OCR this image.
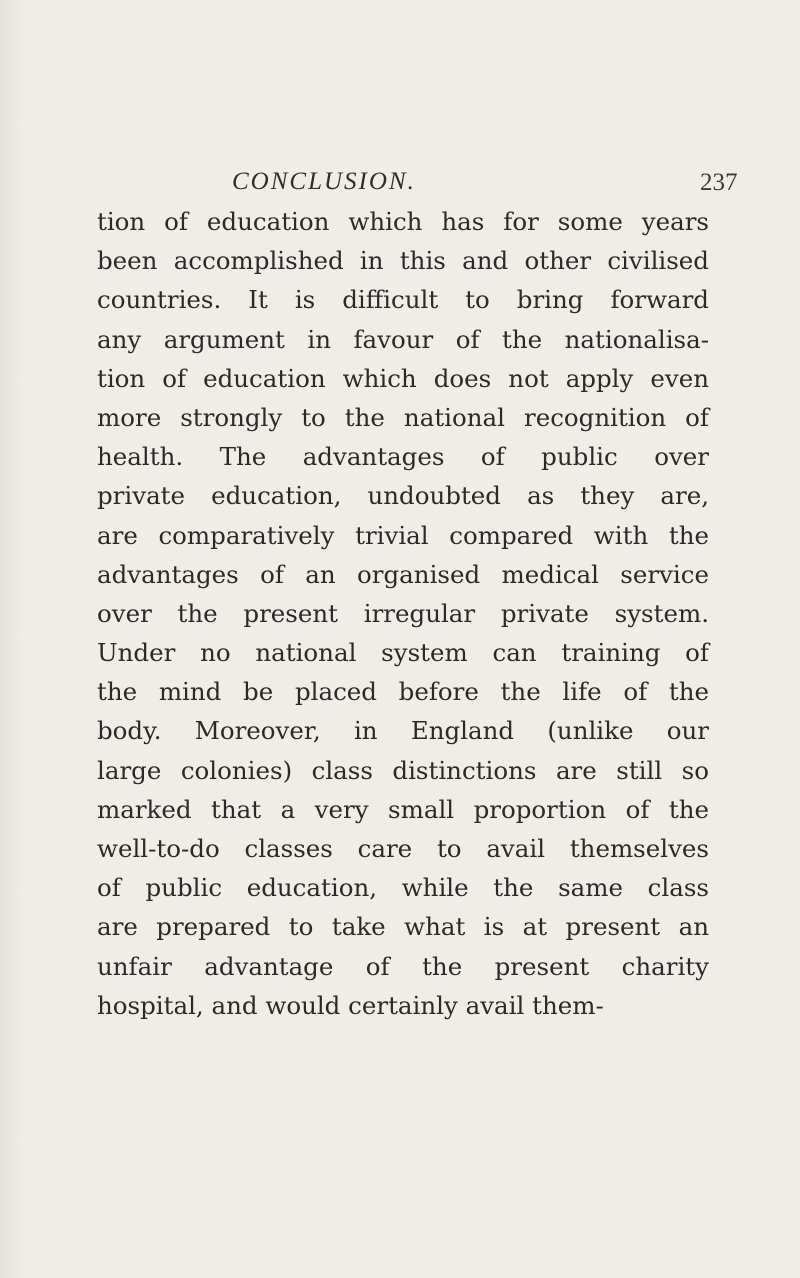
CONCLUSION.	237
tion of education which has for some years
been accomplished in this and other civilised
countries. It is difficult to bring forward
any argument in favour of the nationalisa-
tion of education which does not apply even
more strongly to the national recognition of
health. The advantages of public over
private education, undoubted as they are,
are comparatively trivial compared with the
advantages of an organised medical service
over the present irregular private system.
Under no national system can training of
the mind be placed before the life of the
body. Moreover, in England (unlike our
large colonies) class distinctions are still so
marked that a very small proportion of the
well-to-do classes care to avail themselves
of public education, while the same class
are prepared to take what is at present an
unfair advantage of the present charity
hospital, and would certainly avail them-
